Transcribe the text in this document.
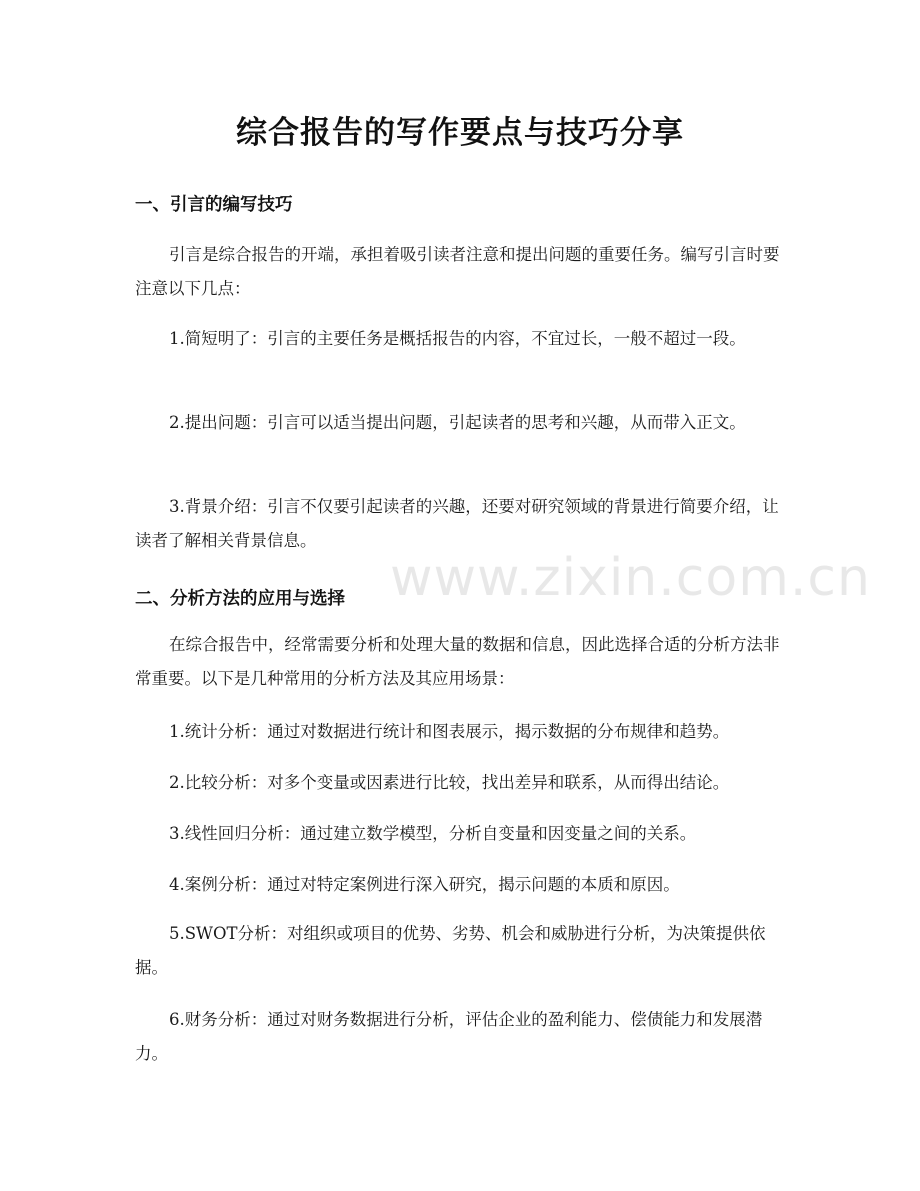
综合报告的写作要点与技巧分享
一、引言的编写技巧

引言是综合报告的开端，承担着吸引读者注意和提出问题的重要任务。编写引言时要注意以下几点：

1.简短明了：引言的主要任务是概括报告的内容，不宜过长，一般不超过一段。

2.提出问题：引言可以适当提出问题，引起读者的思考和兴趣，从而带入正文。

3.背景介绍：引言不仅要引起读者的兴趣，还要对研究领域的背景进行简要介绍，让读者了解相关背景信息。

二、分析方法的应用与选择

在综合报告中，经常需要分析和处理大量的数据和信息，因此选择合适的分析方法非常重要。以下是几种常用的分析方法及其应用场景：

1.统计分析：通过对数据进行统计和图表展示，揭示数据的分布规律和趋势。

2.比较分析：对多个变量或因素进行比较，找出差异和联系，从而得出结论。

3.线性回归分析：通过建立数学模型，分析自变量和因变量之间的关系。

4.案例分析：通过对特定案例进行深入研究，揭示问题的本质和原因。

5.SWOT分析：对组织或项目的优势、劣势、机会和威胁进行分析，为决策提供依据。

6.财务分析：通过对财务数据进行分析，评估企业的盈利能力、偿债能力和发展潜力。

www.zixin.com.cn
